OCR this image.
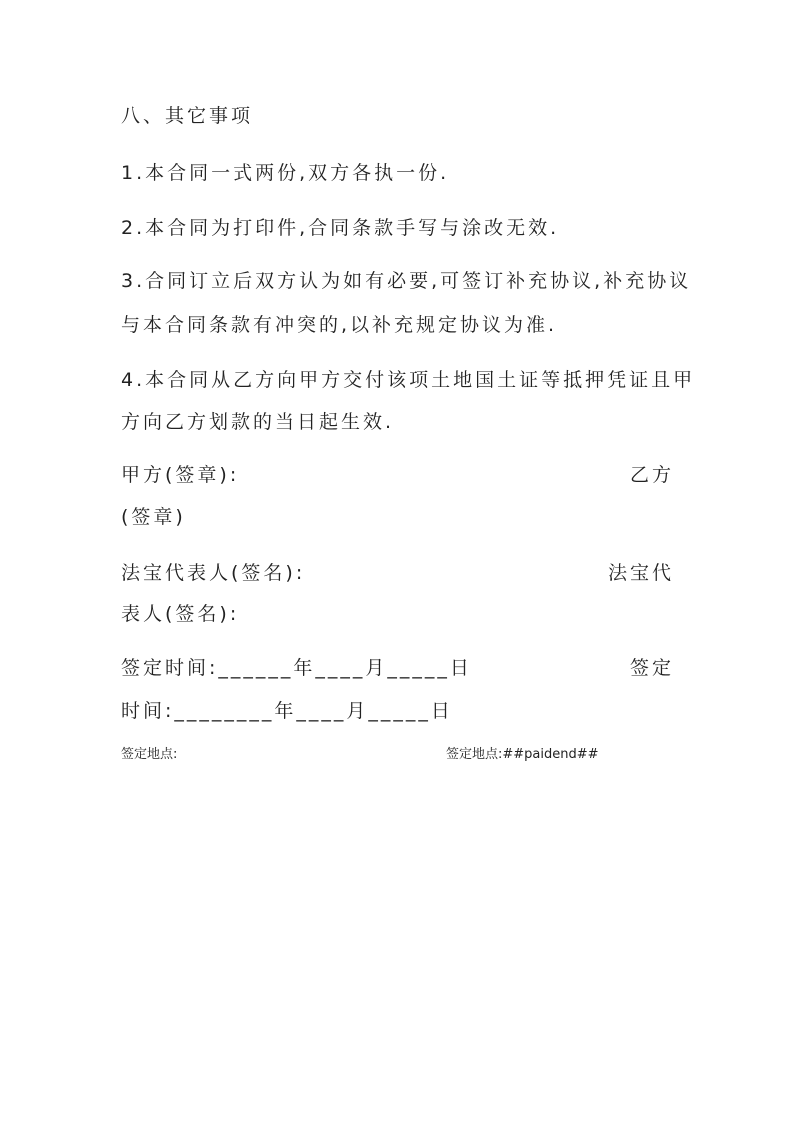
八、其它事项
1.本合同一式两份,双方各执一份.
2.本合同为打印件,合同条款手写与涂改无效.
3.合同订立后双方认为如有必要,可签订补充协议,补充协议
与本合同条款有冲突的,以补充规定协议为准.
4.本合同从乙方向甲方交付该项土地国土证等抵押凭证且甲
方向乙方划款的当日起生效.
甲方(签章):	乙方
(签章)
法宝代表人(签名):	法宝代
表人(签名):
签定时间:______年____月_____日	签定
时间:________年____月_____日
签定地点:	签定地点:##paidend##
